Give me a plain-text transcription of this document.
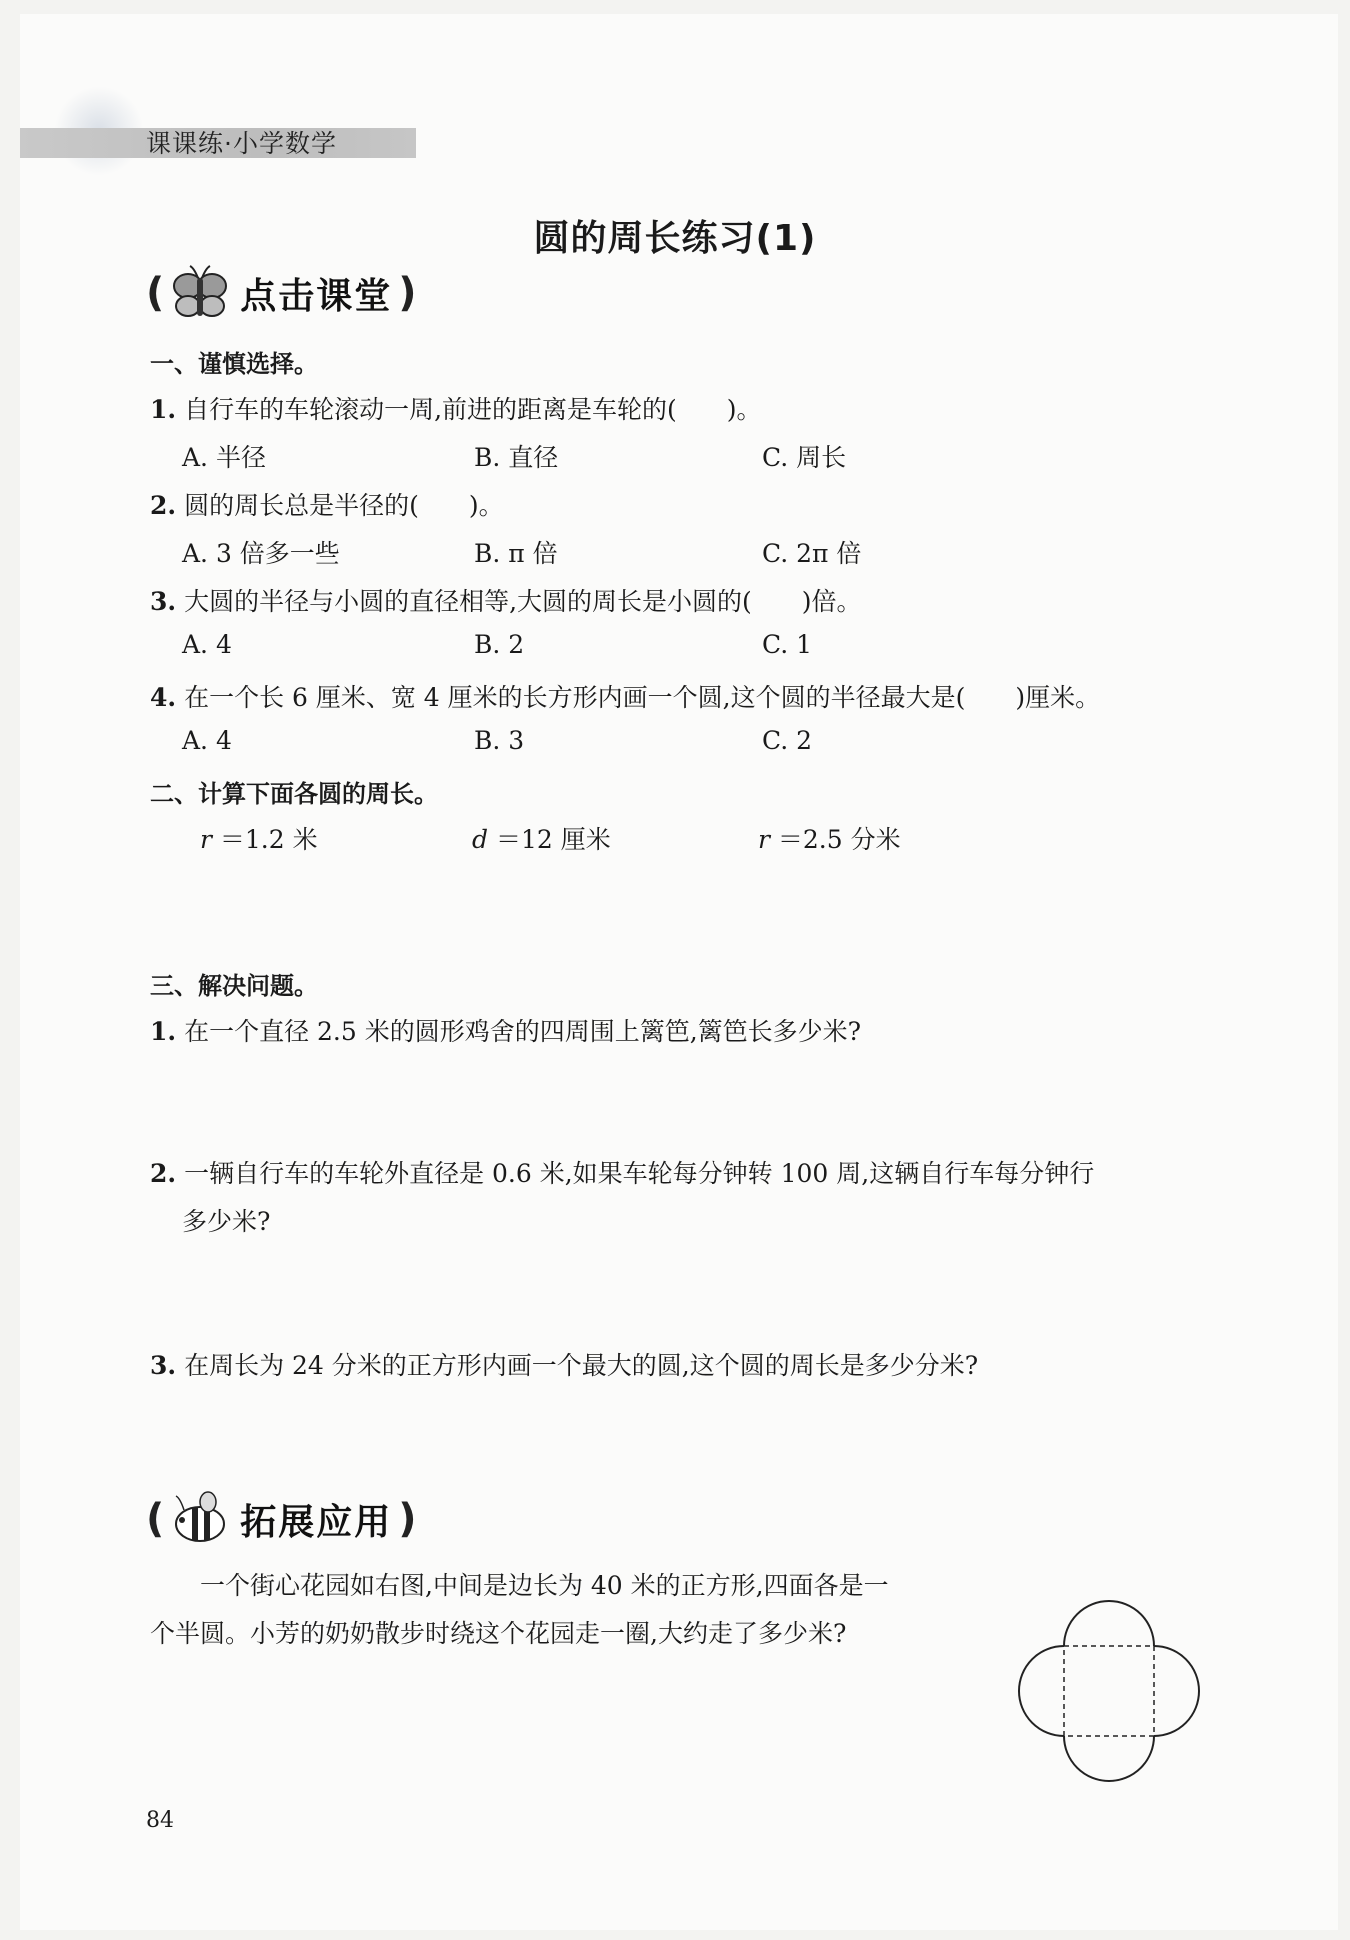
课课练·小学数学
圆的周长练习(1)
( 点击课堂 )
一、谨慎选择。
1. 自行车的车轮滚动一周,前进的距离是车轮的(　　)。
A. 半径	B. 直径	C. 周长
2. 圆的周长总是半径的(　　)。
A. 3 倍多一些	B. π 倍	C. 2π 倍
3. 大圆的半径与小圆的直径相等,大圆的周长是小圆的(　　)倍。
A. 4	B. 2	C. 1
4. 在一个长 6 厘米、宽 4 厘米的长方形内画一个圆,这个圆的半径最大是(　　)厘米。
A. 4	B. 3	C. 2
二、计算下面各圆的周长。
r ＝1.2 米	d ＝12 厘米	r ＝2.5 分米
三、解决问题。
1. 在一个直径 2.5 米的圆形鸡舍的四周围上篱笆,篱笆长多少米?
2. 一辆自行车的车轮外直径是 0.6 米,如果车轮每分钟转 100 周,这辆自行车每分钟行
多少米?
3. 在周长为 24 分米的正方形内画一个最大的圆,这个圆的周长是多少分米?
( 拓展应用 )
一个街心花园如右图,中间是边长为 40 米的正方形,四面各是一
个半圆。小芳的奶奶散步时绕这个花园走一圈,大约走了多少米?
84
